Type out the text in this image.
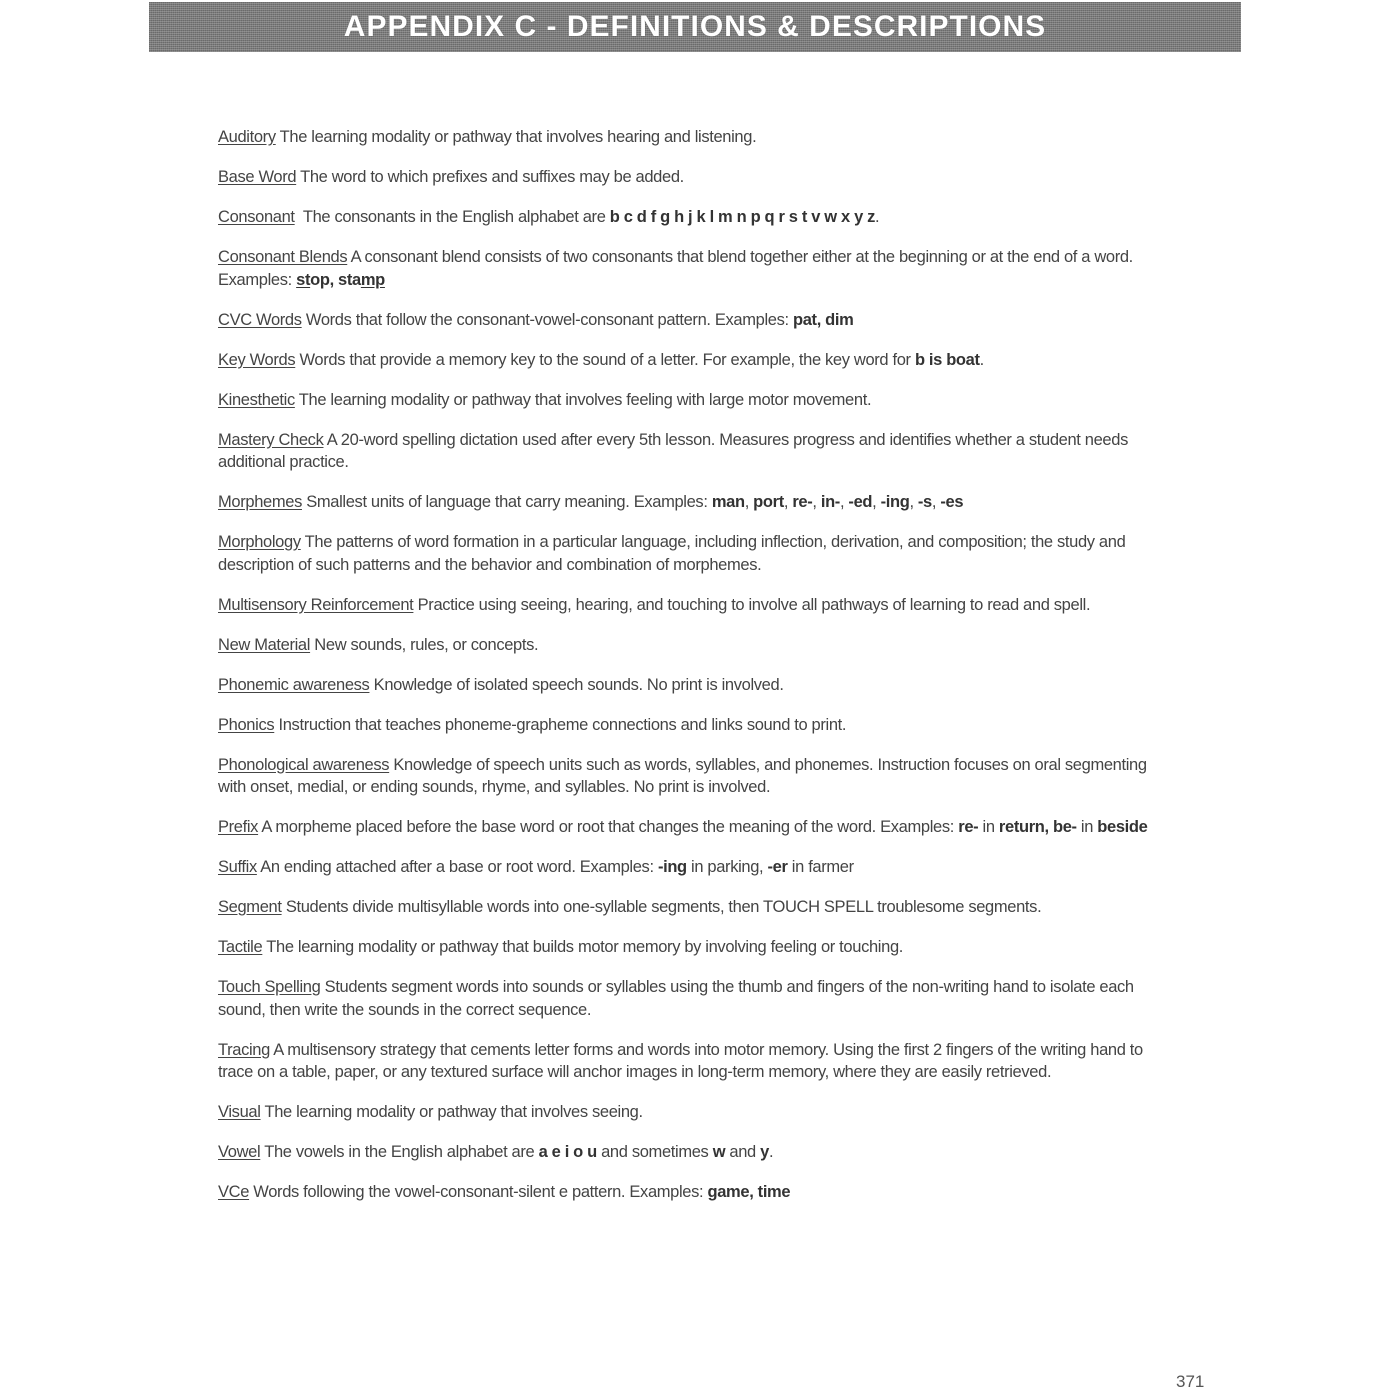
APPENDIX C - DEFINITIONS & DESCRIPTIONS
Auditory The learning modality or pathway that involves hearing and listening.
Base Word The word to which prefixes and suffixes may be added.
Consonant  The consonants in the English alphabet are b c d f g h j k l m n p q r s t v w x y z.
Consonant Blends A consonant blend consists of two consonants that blend together either at the beginning or at the end of a word. Examples: stop, stamp
CVC Words Words that follow the consonant-vowel-consonant pattern. Examples: pat, dim
Key Words Words that provide a memory key to the sound of a letter. For example, the key word for b is boat.
Kinesthetic The learning modality or pathway that involves feeling with large motor movement.
Mastery Check A 20-word spelling dictation used after every 5th lesson. Measures progress and identifies whether a student needs additional practice.
Morphemes Smallest units of language that carry meaning. Examples: man, port, re-, in-, -ed, -ing, -s, -es
Morphology The patterns of word formation in a particular language, including inflection, derivation, and composition; the study and description of such patterns and the behavior and combination of morphemes.
Multisensory Reinforcement Practice using seeing, hearing, and touching to involve all pathways of learning to read and spell.
New Material New sounds, rules, or concepts.
Phonemic awareness Knowledge of isolated speech sounds. No print is involved.
Phonics Instruction that teaches phoneme-grapheme connections and links sound to print.
Phonological awareness Knowledge of speech units such as words, syllables, and phonemes. Instruction focuses on oral segmenting with onset, medial, or ending sounds, rhyme, and syllables. No print is involved.
Prefix A morpheme placed before the base word or root that changes the meaning of the word. Examples: re- in return, be- in beside
Suffix An ending attached after a base or root word. Examples: -ing in parking, -er in farmer
Segment Students divide multisyllable words into one-syllable segments, then TOUCH SPELL troublesome segments.
Tactile The learning modality or pathway that builds motor memory by involving feeling or touching.
Touch Spelling Students segment words into sounds or syllables using the thumb and fingers of the non-writing hand to isolate each sound, then write the sounds in the correct sequence.
Tracing A multisensory strategy that cements letter forms and words into motor memory. Using the first 2 fingers of the writing hand to trace on a table, paper, or any textured surface will anchor images in long-term memory, where they are easily retrieved.
Visual The learning modality or pathway that involves seeing.
Vowel The vowels in the English alphabet are a e i o u and sometimes w and y.
VCe Words following the vowel-consonant-silent e pattern. Examples: game, time
371
